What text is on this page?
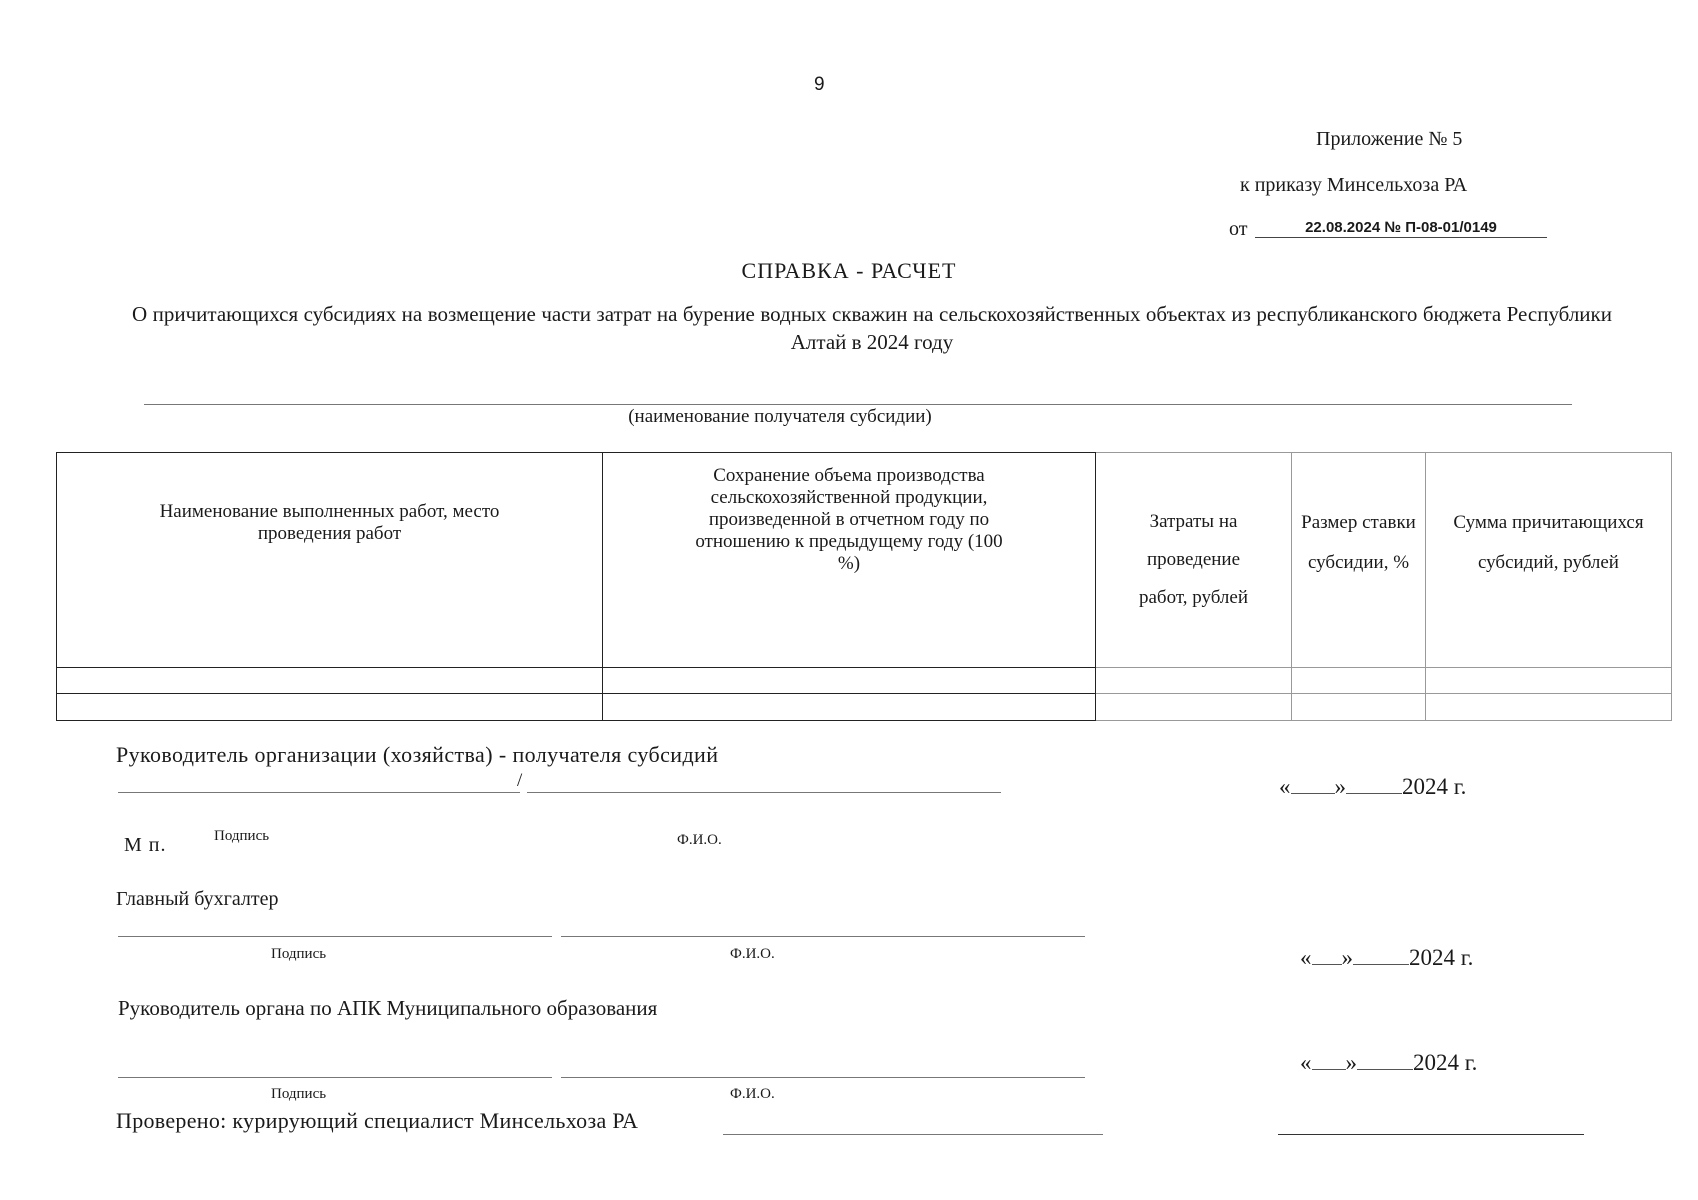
9
Приложение № 5
к приказу Минсельхоза РА
от	22.08.2024 № П-08-01/0149
СПРАВКА - РАСЧЕТ
О причитающихся субсидиях на возмещение части затрат на бурение водных скважин на сельскохозяйственных объектах из республиканского бюджета Республики Алтай в 2024 году
(наименование получателя субсидии)
Наименование выполненных работ, место проведения работ	Сохранение объема производства сельскохозяйственной продукции, произведенной в отчетном году по отношению к предыдущему году (100 %)	Затраты на проведение работ, рублей	Размер ставки субсидии, %	Сумма причитающихся субсидий, рублей

Руководитель организации (хозяйства) - получателя субсидий
/	« » 2024 г.
М п.	Подпись	Ф.И.О.
Главный бухгалтер
Подпись	Ф.И.О.	« » 2024 г.
Руководитель органа по АПК Муниципального образования
« » 2024 г.
Подпись	Ф.И.О.
Проверено: курирующий специалист Минсельхоза РА
